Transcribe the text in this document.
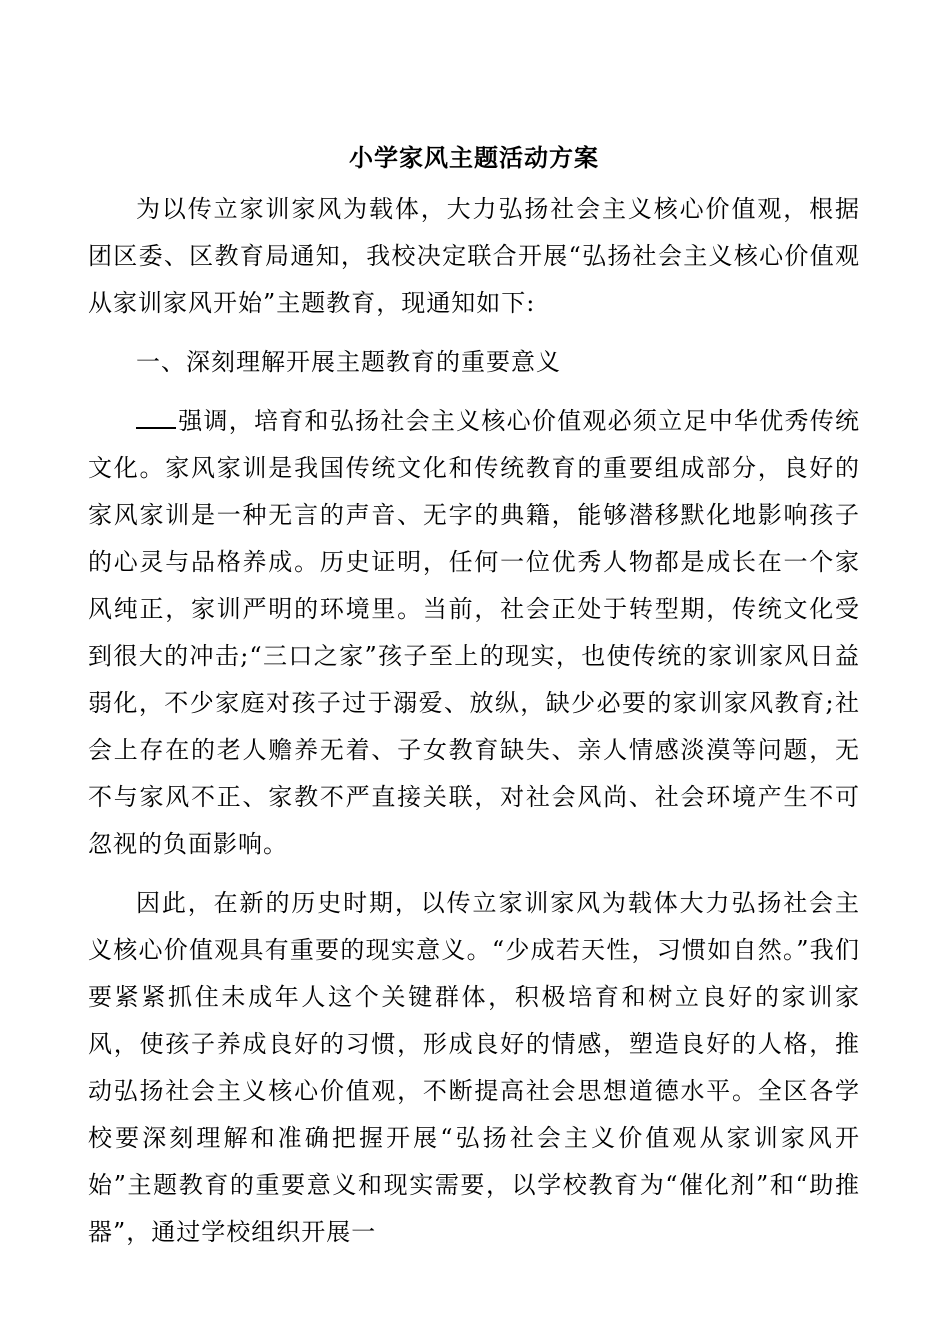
小学家风主题活动方案

为以传立家训家风为载体，大力弘扬社会主义核心价值观，根据团区委、区教育局通知，我校决定联合开展“弘扬社会主义核心价值观从家训家风开始”主题教育，现通知如下:

一、深刻理解开展主题教育的重要意义

强调，培育和弘扬社会主义核心价值观必须立足中华优秀传统文化。家风家训是我国传统文化和传统教育的重要组成部分，良好的家风家训是一种无言的声音、无字的典籍，能够潜移默化地影响孩子的心灵与品格养成。历史证明，任何一位优秀人物都是成长在一个家风纯正，家训严明的环境里。当前，社会正处于转型期，传统文化受到很大的冲击;“三口之家”孩子至上的现实，也使传统的家训家风日益弱化，不少家庭对孩子过于溺爱、放纵，缺少必要的家训家风教育;社会上存在的老人赡养无着、子女教育缺失、亲人情感淡漠等问题，无不与家风不正、家教不严直接关联，对社会风尚、社会环境产生不可忽视的负面影响。

因此，在新的历史时期，以传立家训家风为载体大力弘扬社会主义核心价值观具有重要的现实意义。“少成若天性，习惯如自然。”我们要紧紧抓住未成年人这个关键群体，积极培育和树立良好的家训家风，使孩子养成良好的习惯，形成良好的情感，塑造良好的人格，推动弘扬社会主义核心价值观，不断提高社会思想道德水平。全区各学校要深刻理解和准确把握开展“弘扬社会主义价值观从家训家风开始”主题教育的重要意义和现实需要，以学校教育为“催化剂”和“助推器”，通过学校组织开展一
